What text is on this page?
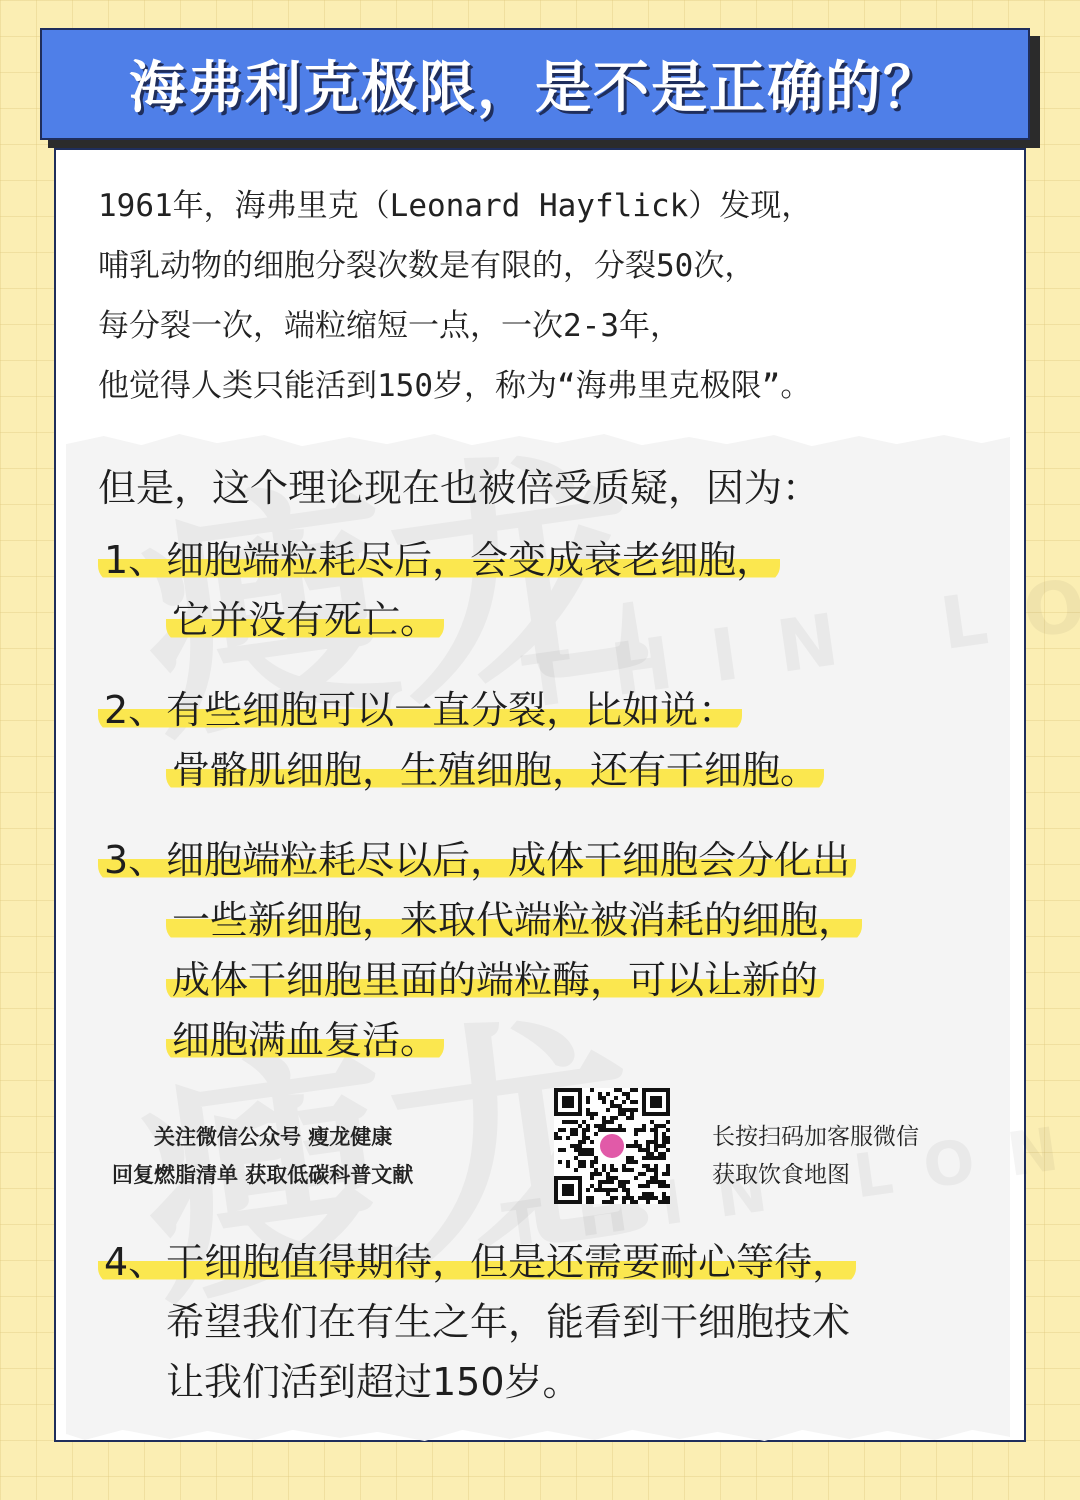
海弗利克极限，是不是正确的？

1961年，海弗里克（Leonard Hayflick）发现，

哺乳动物的细胞分裂次数是有限的，分裂50次，

每分裂一次，端粒缩短一点，一次2-3年，

他觉得人类只能活到150岁，称为“海弗里克极限”。

但是，这个理论现在也被倍受质疑，因为：

1、细胞端粒耗尽后，会变成衰老细胞，
它并没有死亡。
2、有些细胞可以一直分裂，比如说：
骨骼肌细胞，生殖细胞，还有干细胞。
3、细胞端粒耗尽以后，成体干细胞会分化出
一些新细胞，来取代端粒被消耗的细胞，
成体干细胞里面的端粒酶，可以让新的
细胞满血复活。
关注微信公众号 瘦龙健康
回复燃脂清单 获取低碳科普文献
长按扫码加客服微信
获取饮食地图
4、干细胞值得期待，但是还需要耐心等待，
希望我们在有生之年，能看到干细胞技术
让我们活到超过150岁。
